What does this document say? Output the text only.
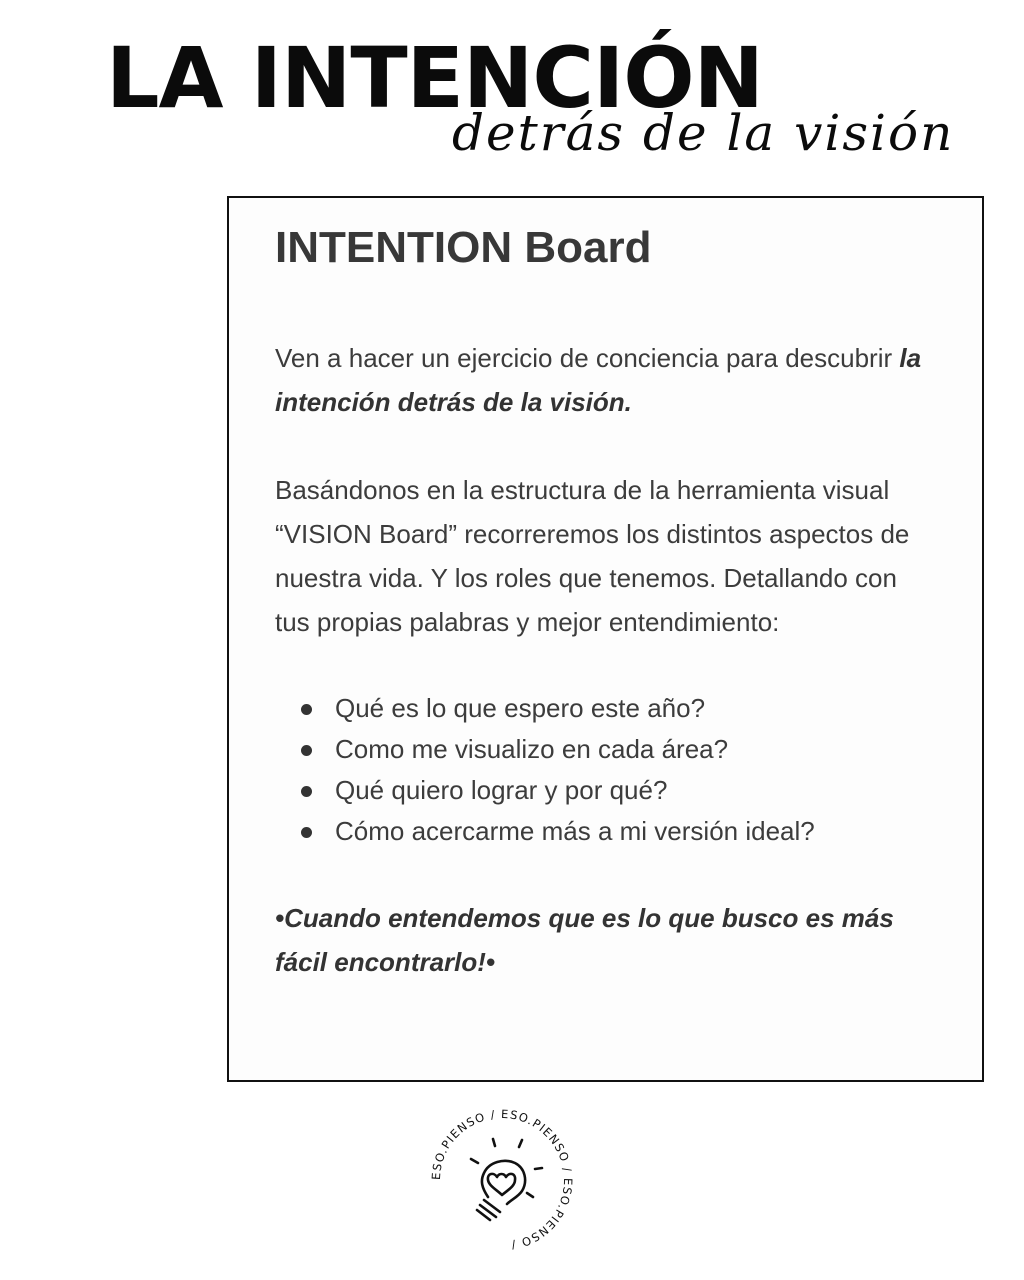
LA INTENCIÓN
detrás de la visión
INTENTION Board

Ven a hacer un ejercicio de conciencia para descubrir la intención detrás de la visión.

Basándonos en la estructura de la herramienta visual “VISION Board” recorreremos los distintos aspectos de nuestra vida. Y los roles que tenemos. Detallando con tus propias palabras y mejor entendimiento:

Qué es lo que espero este año?
Como me visualizo en cada área?
Qué quiero lograr y por qué?
Cómo acercarme más a mi versión ideal?

•Cuando entendemos que es lo que busco es más fácil encontrarlo!•

ESO.PIENSO / ESO.PIENSO / ESO.PIENSO /
